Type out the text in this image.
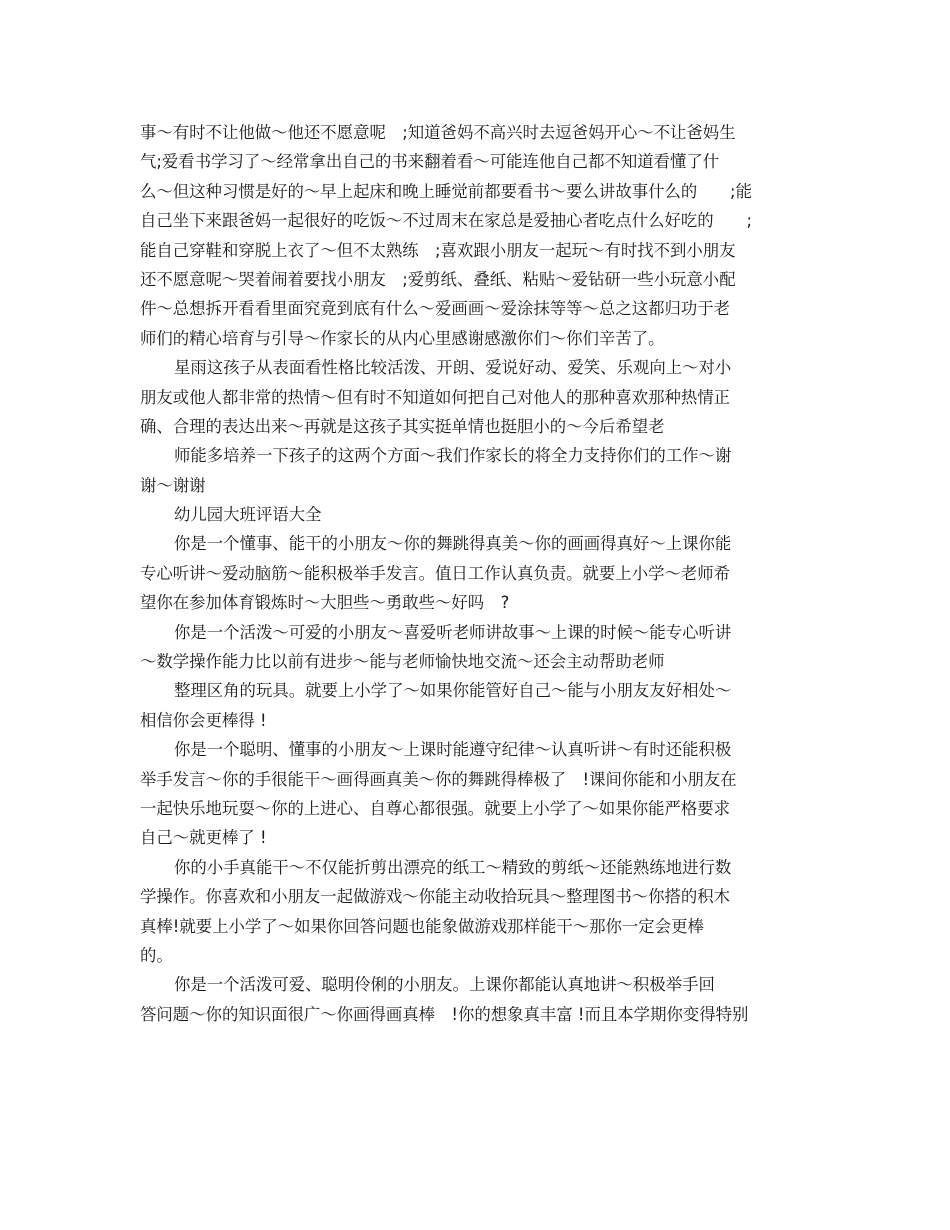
事～有时不让他做～他还不愿意呢　;知道爸妈不高兴时去逗爸妈开心～不让爸妈生
气;爱看书学习了～经常拿出自己的书来翻着看～可能连他自己都不知道看懂了什
么～但这种习惯是好的～早上起床和晚上睡觉前都要看书～要么讲故事什么的　　;能
自己坐下来跟爸妈一起很好的吃饭～不过周末在家总是爱抽心者吃点什么好吃的　　;
能自己穿鞋和穿脱上衣了～但不太熟练　;喜欢跟小朋友一起玩～有时找不到小朋友
还不愿意呢～哭着闹着要找小朋友　;爱剪纸、叠纸、粘贴～爱钻研一些小玩意小配
件～总想拆开看看里面究竟到底有什么～爱画画～爱涂抹等等～总之这都归功于老
师们的精心培育与引导～作家长的从内心里感谢感激你们～你们辛苦了。
星雨这孩子从表面看性格比较活泼、开朗、爱说好动、爱笑、乐观向上～对小
朋友或他人都非常的热情～但有时不知道如何把自己对他人的那种喜欢那种热情正
确、合理的表达出来～再就是这孩子其实挺单情也挺胆小的～今后希望老
师能多培养一下孩子的这两个方面～我们作家长的将全力支持你们的工作～谢
谢～谢谢
幼儿园大班评语大全
你是一个懂事、能干的小朋友～你的舞跳得真美～你的画画得真好～上课你能
专心听讲～爱动脑筋～能积极举手发言。值日工作认真负责。就要上小学～老师希
望你在参加体育锻炼时～大胆些～勇敢些～好吗　?
你是一个活泼～可爱的小朋友～喜爱听老师讲故事～上课的时候～能专心听讲
～数学操作能力比以前有进步～能与老师愉快地交流～还会主动帮助老师
整理区角的玩具。就要上小学了～如果你能管好自己～能与小朋友友好相处～
相信你会更棒得 !
你是一个聪明、懂事的小朋友～上课时能遵守纪律～认真听讲～有时还能积极
举手发言～你的手很能干～画得画真美～你的舞跳得棒极了　!课间你能和小朋友在
一起快乐地玩耍～你的上进心、自尊心都很强。就要上小学了～如果你能严格要求
自己～就更棒了 !
你的小手真能干～不仅能折剪出漂亮的纸工～精致的剪纸～还能熟练地进行数
学操作。你喜欢和小朋友一起做游戏～你能主动收拾玩具～整理图书～你搭的积木
真棒!就要上小学了～如果你回答问题也能象做游戏那样能干～那你一定会更棒
的。
你是一个活泼可爱、聪明伶俐的小朋友。上课你都能认真地讲～积极举手回
答问题～你的知识面很广～你画得画真棒　!你的想象真丰富 !而且本学期你变得特别
